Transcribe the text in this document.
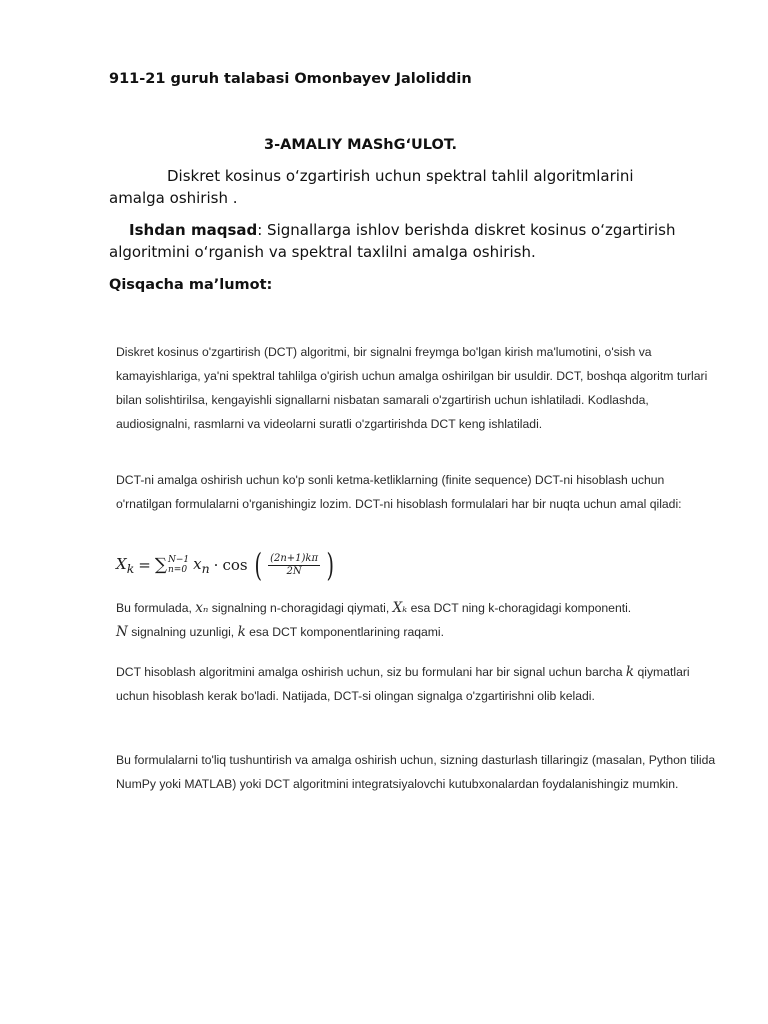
911-21 guruh talabasi Omonbayev Jaloliddin

3-AMALIY MAShG‘ULOT.

Diskret kosinus o‘zgartirish uchun spektral tahlil algoritmlarini amalga oshirish .

Ishdan maqsad: Signallarga ishlov berishda diskret kosinus o‘zgartirish algoritmini o‘rganish va spektral taxlilni amalga oshirish.

Qisqacha ma’lumot:

Diskret kosinus o'zgartirish (DCT) algoritmi, bir signalni freymga bo'lgan kirish ma'lumotini, o'sish va kamayishlariga, ya'ni spektral tahlilga o'girish uchun amalga oshirilgan bir usuldir. DCT, boshqa algoritm turlari bilan solishtirilsa, kengayishli signallarni nisbatan samarali o'zgartirish uchun ishlatiladi. Kodlashda, audiosignalni, rasmlarni va videolarni suratli o'zgartirishda DCT keng ishlatiladi.

DCT-ni amalga oshirish uchun ko'p sonli ketma-ketliklarning (finite sequence) DCT-ni hisoblash uchun o'rnatilgan formulalarni o'rganishingiz lozim. DCT-ni hisoblash formulalari har bir nuqta uchun amal qiladi:

$X_k$ = ∑ N−1
n=0 $x_n \cdot \cos$ ( $\frac{(2n+1)k\pi}{2N}$ )

Bu formulada, xₙ signalning n-choragidagi qiymati, Xₖ esa DCT ning k-choragidagi komponenti.
N signalning uzunligi, k esa DCT komponentlarining raqami.

DCT hisoblash algoritmini amalga oshirish uchun, siz bu formulani har bir signal uchun barcha k qiymatlari uchun hisoblash kerak bo'ladi. Natijada, DCT-si olingan signalga o'zgartirishni olib keladi.

Bu formulalarni to'liq tushuntirish va amalga oshirish uchun, sizning dasturlash tillaringiz (masalan, Python tilida NumPy yoki MATLAB) yoki DCT algoritmini integratsiyalovchi kutubxonalardan foydalanishingiz mumkin.
